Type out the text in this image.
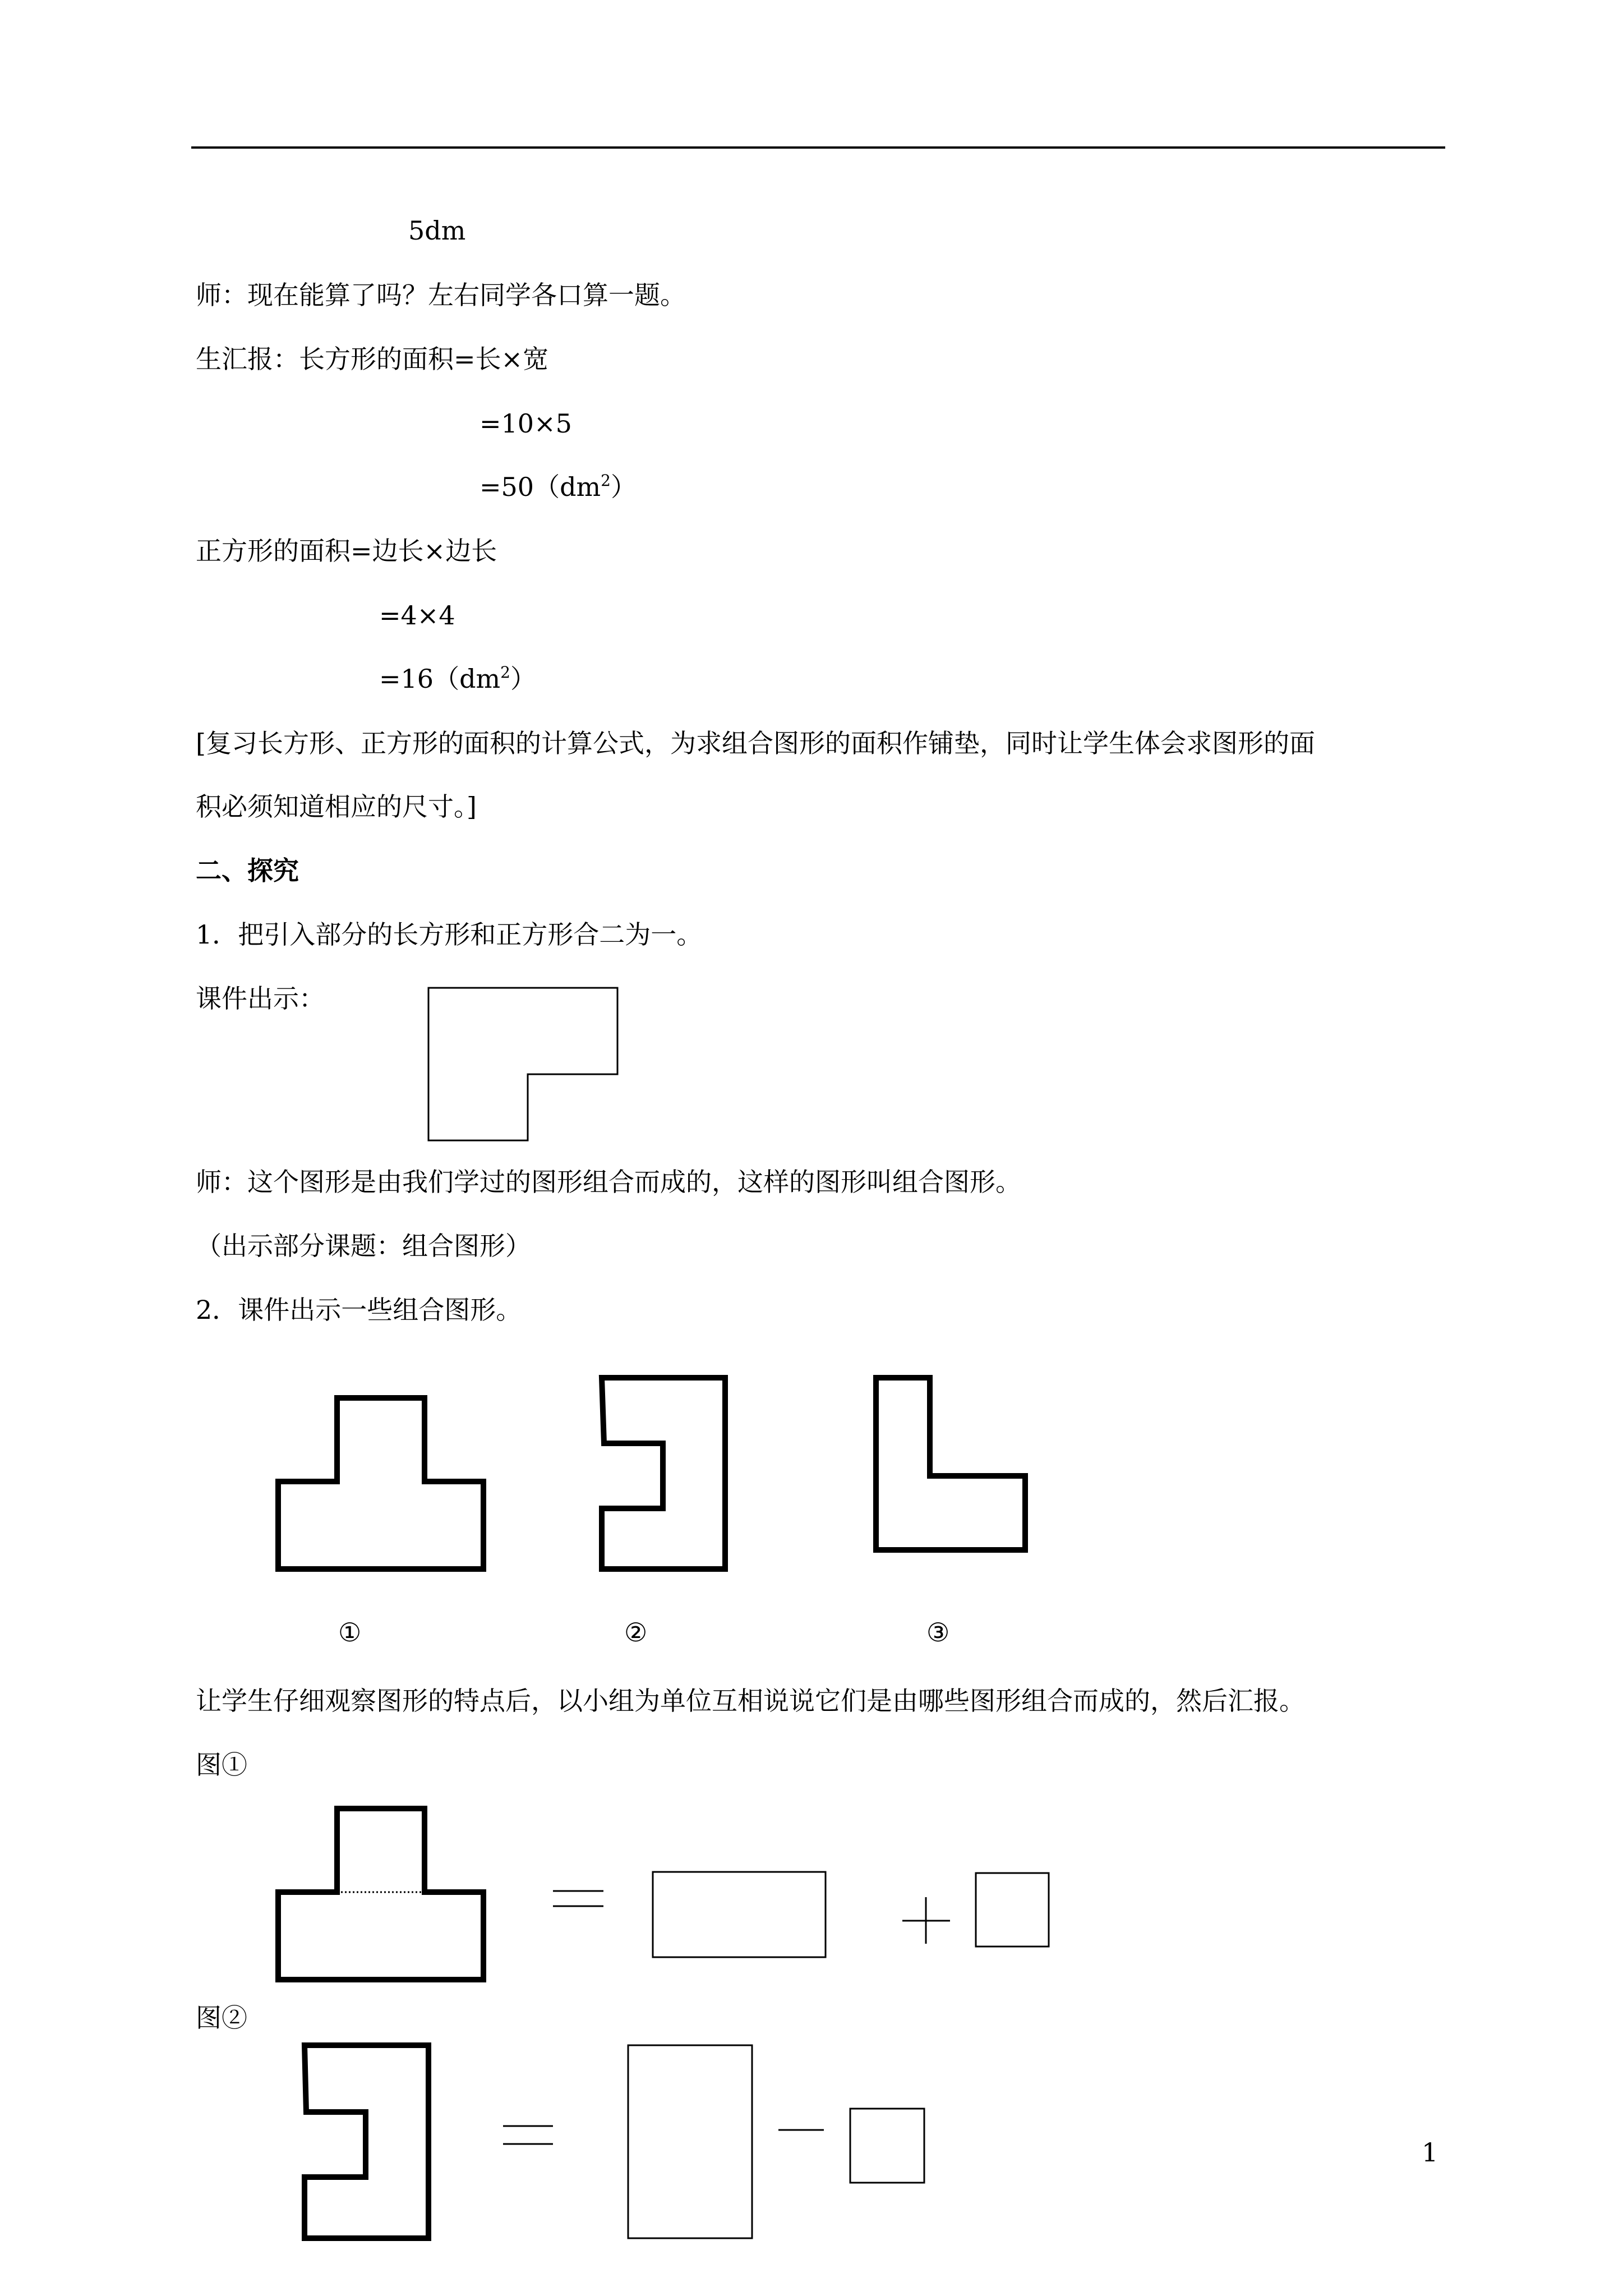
5dm
师：现在能算了吗？左右同学各口算一题。
生汇报：长方形的面积=长×宽
=10×5
$=50(dm^2)$
正方形的面积=边长×边长
=4×4
$=16(dm^2)$
[复习长方形、正方形的面积的计算公式，为求组合图形的面积作铺垫，同时让学生体会求图形的面
积必须知道相应的尺寸。]
二、探究
1．把引入部分的长方形和正方形合二为一。
课件出示：
师：这个图形是由我们学过的图形组合而成的，这样的图形叫组合图形。
（出示部分课题：组合图形）
2．课件出示一些组合图形。
①	②	③
让学生仔细观察图形的特点后，以小组为单位互相说说它们是由哪些图形组合而成的，然后汇报。
图①
图②
1
